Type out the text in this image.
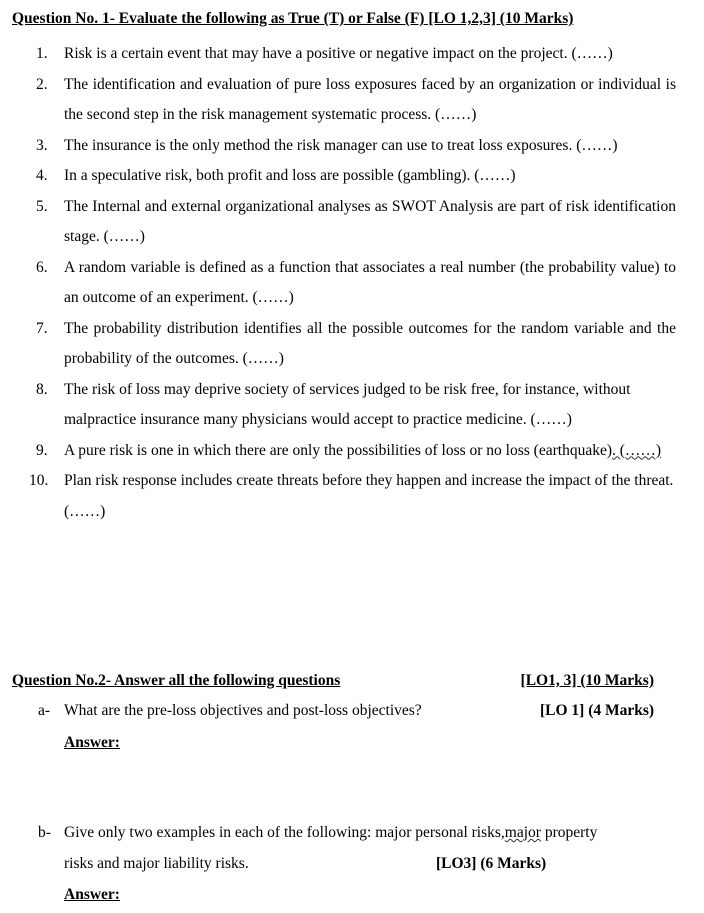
Question No. 1- Evaluate the following as True (T) or False (F) [LO 1,2,3] (10 Marks)
1. Risk is a certain event that may have a positive or negative impact on the project. (……)
2. The identification and evaluation of pure loss exposures faced by an organization or individual is the second step in the risk management systematic process. (……)
3. The insurance is the only method the risk manager can use to treat loss exposures. (……)
4. In a speculative risk, both profit and loss are possible (gambling). (……)
5. The Internal and external organizational analyses as SWOT Analysis are part of risk identification stage. (……)
6. A random variable is defined as a function that associates a real number (the probability value) to an outcome of an experiment. (……)
7. The probability distribution identifies all the possible outcomes for the random variable and the probability of the outcomes. (……)
8. The risk of loss may deprive society of services judged to be risk free, for instance, without malpractice insurance many physicians would accept to practice medicine. (……)
9. A pure risk is one in which there are only the possibilities of loss or no loss (earthquake). (……)
10. Plan risk response includes create threats before they happen and increase the impact of the threat. (……)
Question No.2- Answer all the following questions	[LO1, 3] (10 Marks)
a- What are the pre-loss objectives and post-loss objectives?	[LO 1] (4 Marks)
Answer:
b- Give only two examples in each of the following: major personal risks,major property
risks and major liability risks.	[LO3] (6 Marks)
Answer:
